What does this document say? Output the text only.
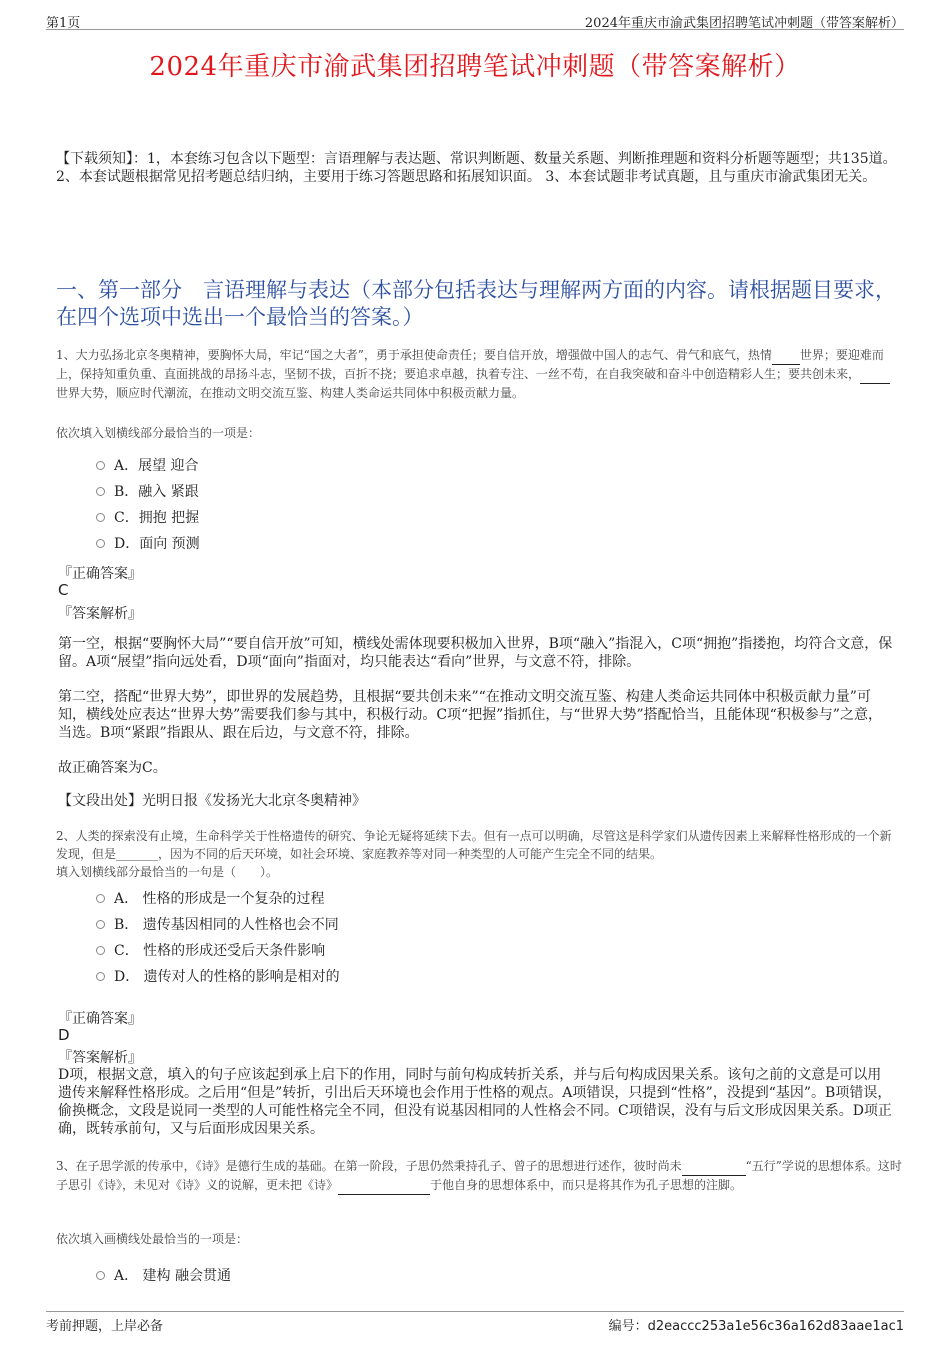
第1页	2024年重庆市渝武集团招聘笔试冲刺题（带答案解析）
2024年重庆市渝武集团招聘笔试冲刺题（带答案解析）
【下载须知】：1，本套练习包含以下题型：言语理解与表达题、常识判断题、数量关系题、判断推理题和资料分析题等题型；共135道。 2、本套试题根据常见招考题总结归纳，主要用于练习答题思路和拓展知识面。 3、本套试题非考试真题，且与重庆市渝武集团无关。
一、第一部分　言语理解与表达（本部分包括表达与理解两方面的内容。请根据题目要求，在四个选项中选出一个最恰当的答案。）
1、大力弘扬北京冬奥精神，要胸怀大局，牢记“国之大者”，勇于承担使命责任；要自信开放，增强做中国人的志气、骨气和底气，热情 世界；要迎难而上，保持知重负重、直面挑战的昂扬斗志，坚韧不拔，百折不挠；要追求卓越，执着专注、一丝不苟，在自我突破和奋斗中创造精彩人生；要共创未来， 世界大势，顺应时代潮流，在推动文明交流互鉴、构建人类命运共同体中积极贡献力量。
依次填入划横线部分最恰当的一项是：
A．展望 迎合
B．融入 紧跟
C．拥抱 把握
D．面向 预测
『正确答案』
C
『答案解析』
第一空，根据“要胸怀大局”“要自信开放”可知，横线处需体现要积极加入世界，B项“融入”指混入，C项“拥抱”指搂抱，均符合文意，保留。A项“展望”指向远处看，D项“面向”指面对，均只能表达“看向”世界，与文意不符，排除。
第二空，搭配“世界大势”，即世界的发展趋势，且根据“要共创未来”“在推动文明交流互鉴、构建人类命运共同体中积极贡献力量”可知，横线处应表达“世界大势”需要我们参与其中，积极行动。C项“把握”指抓住，与“世界大势”搭配恰当，且能体现“积极参与”之意，当选。B项“紧跟”指跟从、跟在后边，与文意不符，排除。
故正确答案为C。
【文段出处】光明日报《发扬光大北京冬奥精神》
2、人类的探索没有止境，生命科学关于性格遗传的研究、争论无疑将延续下去。但有一点可以明确，尽管这是科学家们从遗传因素上来解释性格形成的一个新发现，但是_______，因为不同的后天环境，如社会环境、家庭教养等对同一种类型的人可能产生完全不同的结果。
填入划横线部分最恰当的一句是（　　）。
A． 性格的形成是一个复杂的过程
B． 遗传基因相同的人性格也会不同
C． 性格的形成还受后天条件影响
D． 遗传对人的性格的影响是相对的
『正确答案』
D
『答案解析』
D项，根据文意，填入的句子应该起到承上启下的作用，同时与前句构成转折关系，并与后句构成因果关系。该句之前的文意是可以用遗传来解释性格形成。之后用“但是”转折，引出后天环境也会作用于性格的观点。A项错误，只提到“性格”，没提到“基因”。B项错误，偷换概念，文段是说同一类型的人可能性格完全不同，但没有说基因相同的人性格会不同。C项错误，没有与后文形成因果关系。D项正确，既转承前句，又与后面形成因果关系。
3、在子思学派的传承中，《诗》是德行生成的基础。在第一阶段，子思仍然秉持孔子、曾子的思想进行述作，彼时尚未	“五行”学说的思想体系。这时子思引《诗》，未见对《诗》义的说解，更未把《诗》	于他自身的思想体系中，而只是将其作为孔子思想的注脚。
依次填入画横线处最恰当的一项是：
A． 建构 融会贯通
考前押题，上岸必备	编号：d2eaccc253a1e56c36a162d83aae1ac1
